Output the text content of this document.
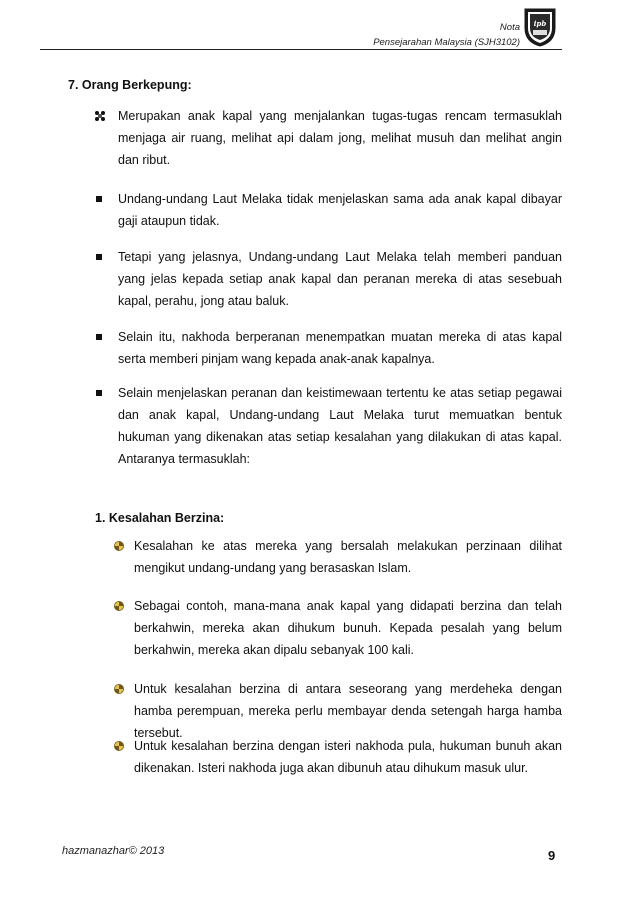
Nota
Pensejarahan Malaysia (SJH3102)
ipb
7. Orang Berkepung:
Merupakan anak kapal yang menjalankan tugas-tugas rencam termasuklah menjaga air ruang, melihat api dalam jong, melihat musuh dan melihat angin dan ribut.
Undang-undang Laut Melaka tidak menjelaskan sama ada anak kapal dibayar gaji ataupun tidak.
Tetapi yang jelasnya, Undang-undang Laut Melaka telah memberi panduan yang jelas kepada setiap anak kapal dan peranan mereka di atas sesebuah kapal, perahu, jong atau baluk.
Selain itu, nakhoda berperanan menempatkan muatan mereka di atas kapal serta memberi pinjam wang kepada anak-anak kapalnya.
Selain menjelaskan peranan dan keistimewaan tertentu ke atas setiap pegawai dan anak kapal, Undang-undang Laut Melaka turut memuatkan bentuk hukuman yang dikenakan atas setiap kesalahan yang dilakukan di atas kapal. Antaranya termasuklah:
1. Kesalahan Berzina:
Kesalahan ke atas mereka yang bersalah melakukan perzinaan dilihat mengikut undang-undang yang berasaskan Islam.
Sebagai contoh, mana-mana anak kapal yang didapati berzina dan telah berkahwin, mereka akan dihukum bunuh. Kepada pesalah yang belum berkahwin, mereka akan dipalu sebanyak 100 kali.
Untuk kesalahan berzina di antara seseorang yang merdeheka dengan hamba perempuan, mereka perlu membayar denda setengah harga hamba tersebut.
Untuk kesalahan berzina dengan isteri nakhoda pula, hukuman bunuh akan dikenakan. Isteri nakhoda juga akan dibunuh atau dihukum masuk ulur.
hazmanazhar© 2013	9
